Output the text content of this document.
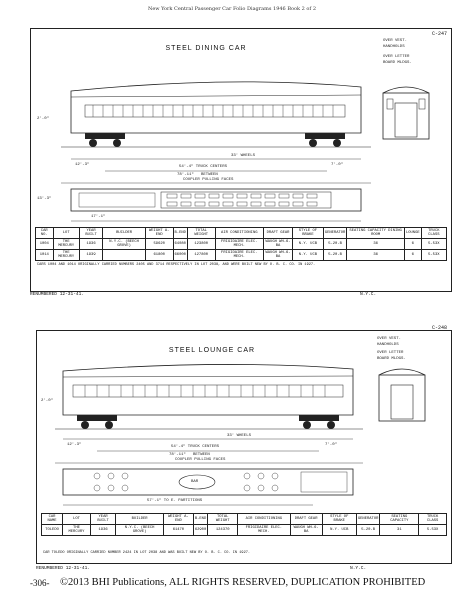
New York Central Passenger Car Folio Diagrams 1946 Book 2 of 2
C-247
STEEL DINING CAR
OVER VEST.
HANDHOLDS
OVER LETTER
BOARD MLDGS.
2'-0"
33' WHEELS
12'-3"	54'-4" TRUCK CENTERS	7'-0"
78'-11" BETWEEN
COUPLER PULLING FACES
13'-3"
17'-1"
CAR NO.	LOT	YEAR BUILT	BUILDER	WEIGHT A-END	B-END	TOTAL WEIGHT	AIR CONDITIONING	DRAFT GEAR	STYLE OF BRAKE	GENERATOR	SEATING CAPACITY DINING ROOM	LOUNGE	TRUCK CLASS
1004	THE MERCURY	1936	N.Y.C. (BEECH GROVE)	59620	64080	123800	FRIGIDAIRE ELEC. MECH.	WAUGH WH-6-BA	N.Y. UCB	5-20-B	36	6	5-53X
1014	THE MERCURY	1939		61800	66000	127800	FRIGIDAIRE ELEC. MECH.	WAUGH WH-6-BA	N.Y. UCB	5-20-B	36	6	5-53X
CARS 1004 AND 1014 ORIGINALLY CARRIED NUMBERS 2405 AND 3714 RESPECTIVELY IN LOT 2038, AND WERE BUILT NEW BY O. B. C. CO. IN 1927.
RENUMBERED 12-31-41.	N.Y.C.
C-248
STEEL LOUNGE CAR
OVER VEST.
HANDHOLDS
OVER LETTER
BOARD MLDGS.
2'-0"
33' WHEELS
12'-3"	54'-4" TRUCK CENTERS	7'-0"
78'-11" BETWEEN
COUPLER PULLING FACES
BAR
57'-1" TO E. PARTITIONS
CAR NAME	LOT	YEAR BUILT	BUILDER	WEIGHT A-END	B-END	TOTAL WEIGHT	AIR CONDITIONING	DRAFT GEAR	STYLE OF BRAKE	GENERATOR	SEATING CAPACITY	TRUCK CLASS
TOLEDO	THE MERCURY	1936	N.Y.C. (BEECH GROVE)	61470	62900	124370	FRIGIDAIRE ELEC. MECH.	WAUGH WH-6-BA	N.Y. UCB	5-20-B	31	5-53X
CAR TOLEDO ORIGINALLY CARRIED NUMBER 2424 IN LOT 2038 AND WAS BUILT NEW BY O. B. C. CO. IN 1927.
RENUMBERED 12-31-41.	N.Y.C.
-306- ©2013 BHI Publications, ALL RIGHTS RESERVED, DUPLICATION PROHIBITED
